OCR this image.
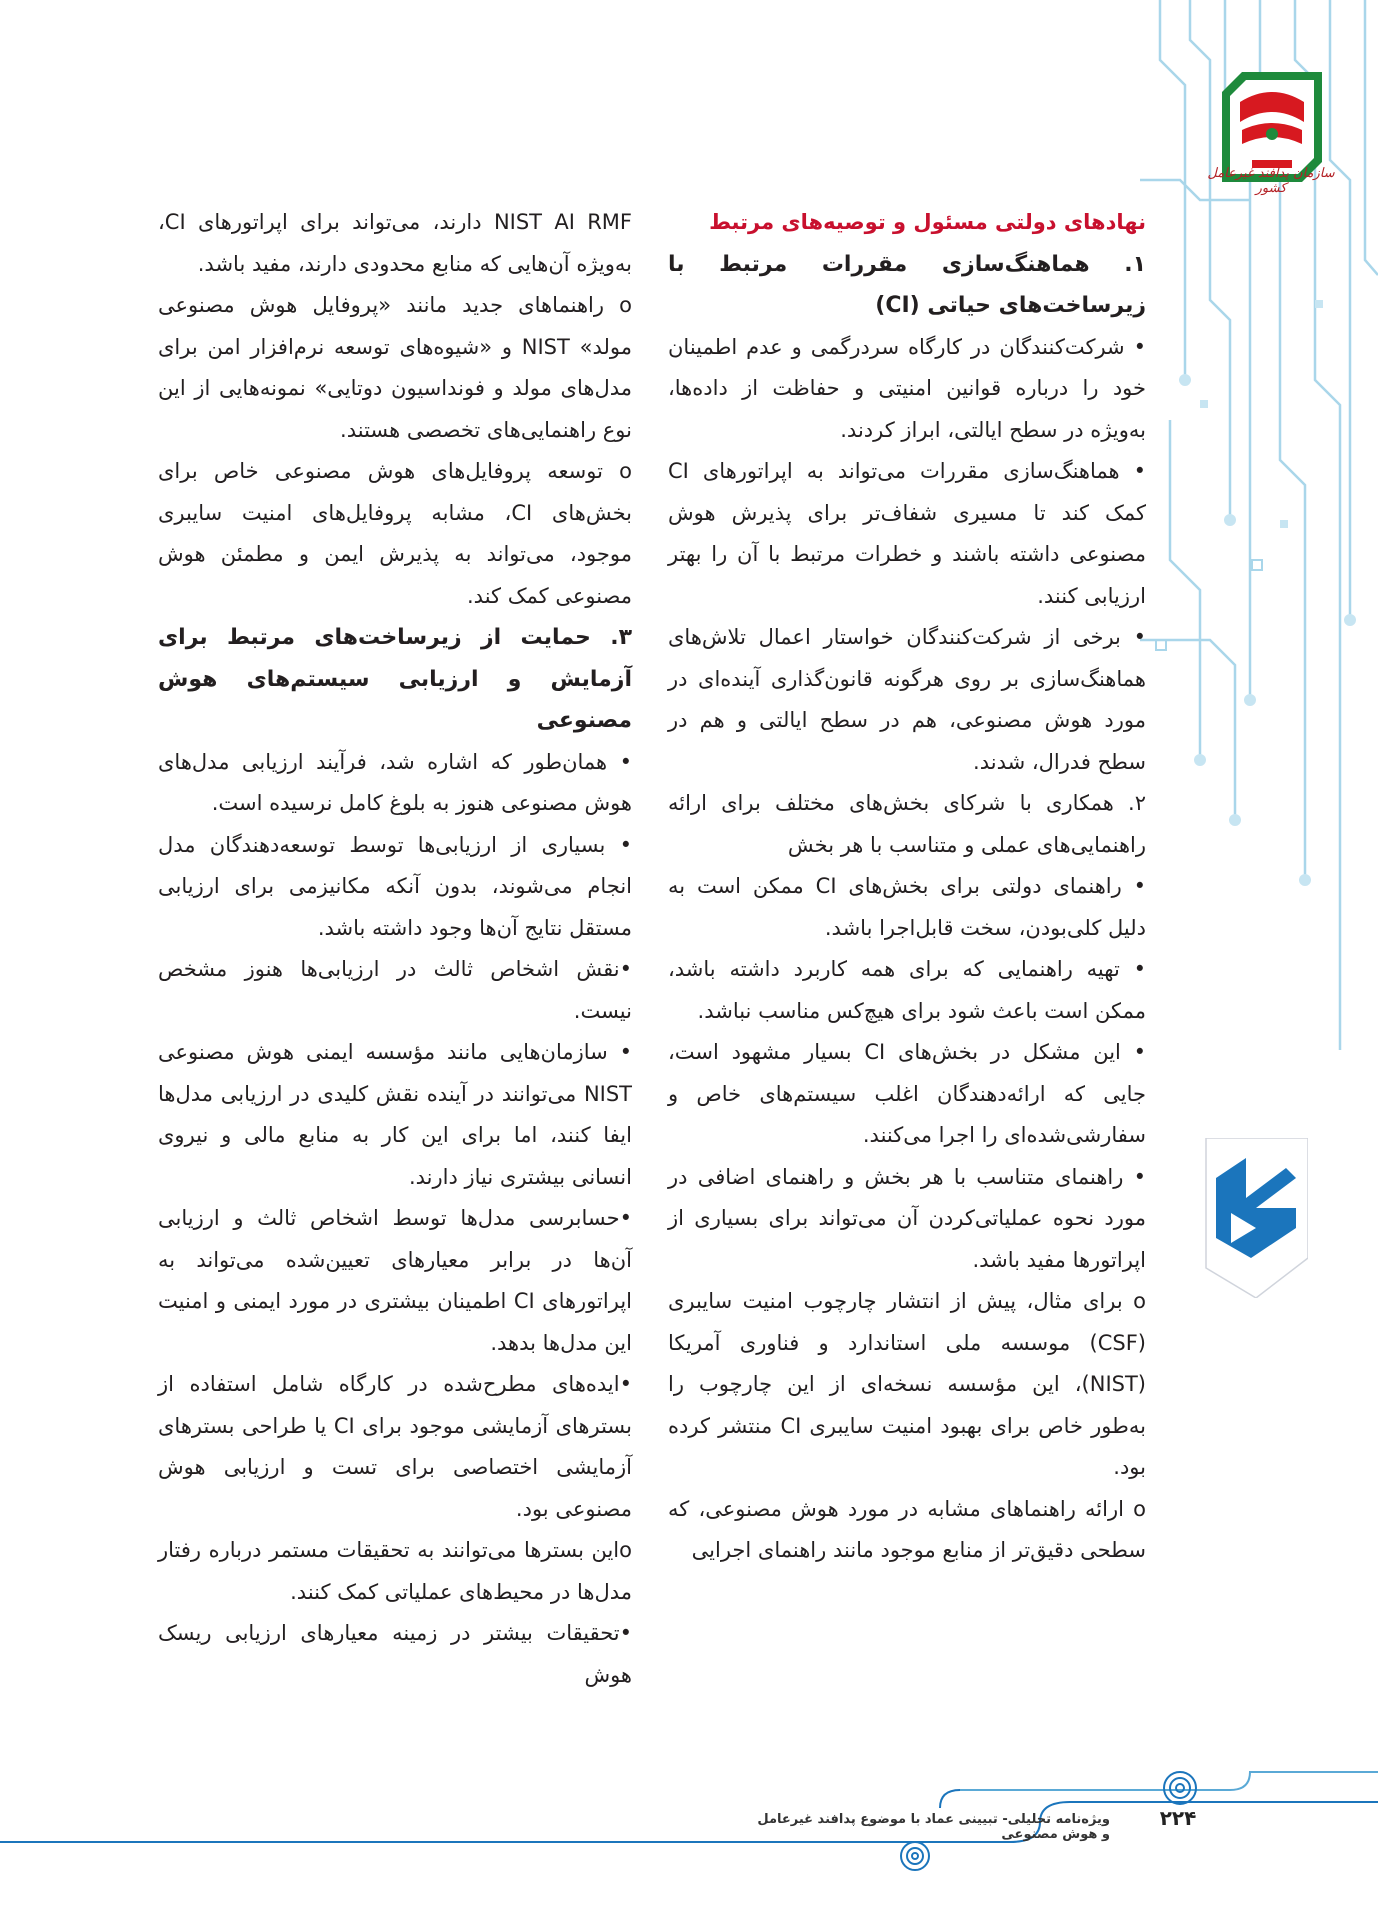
سازمان پدافند غیرعامل کشور

نهادهای دولتی مسئول و توصیه‌های مرتبط

۱. هماهنگ‌سازی مقررات مرتبط با زیرساخت‌های حیاتی (CI)

• شرکت‌کنندگان در کارگاه سردرگمی و عدم اطمینان خود را درباره قوانین امنیتی و حفاظت از داده‌ها، به‌ویژه در سطح ایالتی، ابراز کردند.

• هماهنگ‌سازی مقررات می‌تواند به اپراتورهای CI کمک کند تا مسیری شفاف‌تر برای پذیرش هوش مصنوعی داشته باشند و خطرات مرتبط با آن را بهتر ارزیابی کنند.

• برخی از شرکت‌کنندگان خواستار اعمال تلاش‌های هماهنگ‌سازی بر روی هرگونه قانون‌گذاری آینده‌ای در مورد هوش مصنوعی، هم در سطح ایالتی و هم در سطح فدرال، شدند.

۲. همکاری با شرکای بخش‌های مختلف برای ارائه راهنمایی‌های عملی و متناسب با هر بخش

• راهنمای دولتی برای بخش‌های CI ممکن است به دلیل کلی‌بودن، سخت قابل‌اجرا باشد.

• تهیه راهنمایی که برای همه کاربرد داشته باشد، ممکن است باعث شود برای هیچ‌کس مناسب نباشد.

• این مشکل در بخش‌های CI بسیار مشهود است، جایی که ارائه‌دهندگان اغلب سیستم‌های خاص و سفارشی‌شده‌ای را اجرا می‌کنند.

• راهنمای متناسب با هر بخش و راهنمای اضافی در مورد نحوه عملیاتی‌کردن آن می‌تواند برای بسیاری از اپراتورها مفید باشد.

o برای مثال، پیش از انتشار چارچوب امنیت سایبری (CSF) موسسه ملی استاندارد و فناوری آمریکا (NIST)، این مؤسسه نسخه‌ای از این چارچوب را به‌طور خاص برای بهبود امنیت سایبری CI منتشر کرده بود.

o ارائه راهنماهای مشابه در مورد هوش مصنوعی، که سطحی دقیق‌تر از منابع موجود مانند راهنمای اجرایی

NIST AI RMF دارند، می‌تواند برای اپراتورهای CI، به‌ویژه آن‌هایی که منابع محدودی دارند، مفید باشد.

o راهنماهای جدید مانند «پروفایل هوش مصنوعی مولد» NIST و «شیوه‌های توسعه نرم‌افزار امن برای مدل‌های مولد و فونداسیون دوتایی» نمونه‌هایی از این نوع راهنمایی‌های تخصصی هستند.

o توسعه پروفایل‌های هوش مصنوعی خاص برای بخش‌های CI، مشابه پروفایل‌های امنیت سایبری موجود، می‌تواند به پذیرش ایمن و مطمئن هوش مصنوعی کمک کند.

۳. حمایت از زیرساخت‌های مرتبط برای آزمایش و ارزیابی سیستم‌های هوش مصنوعی

• همان‌طور که اشاره شد، فرآیند ارزیابی مدل‌های هوش مصنوعی هنوز به بلوغ کامل نرسیده است.

• بسیاری از ارزیابی‌ها توسط توسعه‌دهندگان مدل انجام می‌شوند، بدون آنکه مکانیزمی برای ارزیابی مستقل نتایج آن‌ها وجود داشته باشد.

•نقش اشخاص ثالث در ارزیابی‌ها هنوز مشخص نیست.

• سازمان‌هایی مانند مؤسسه ایمنی هوش مصنوعی NIST می‌توانند در آینده نقش کلیدی در ارزیابی مدل‌ها ایفا کنند، اما برای این کار به منابع مالی و نیروی انسانی بیشتری نیاز دارند.

•حسابرسی مدل‌ها توسط اشخاص ثالث و ارزیابی آن‌ها در برابر معیارهای تعیین‌شده می‌تواند به اپراتورهای CI اطمینان بیشتری در مورد ایمنی و امنیت این مدل‌ها بدهد.

•ایده‌های مطرح‌شده در کارگاه شامل استفاده از بسترهای آزمایشی موجود برای CI یا طراحی بسترهای آزمایشی اختصاصی برای تست و ارزیابی هوش مصنوعی بود.

oاین بسترها می‌توانند به تحقیقات مستمر درباره رفتار مدل‌ها در محیط‌های عملیاتی کمک کنند.

•تحقیقات بیشتر در زمینه معیارهای ارزیابی ریسک هوش

ویژه‌نامه تحلیلی- تبیینی عماد با موضوع پدافند غیرعامل و هوش مصنوعی
۲۲۴
